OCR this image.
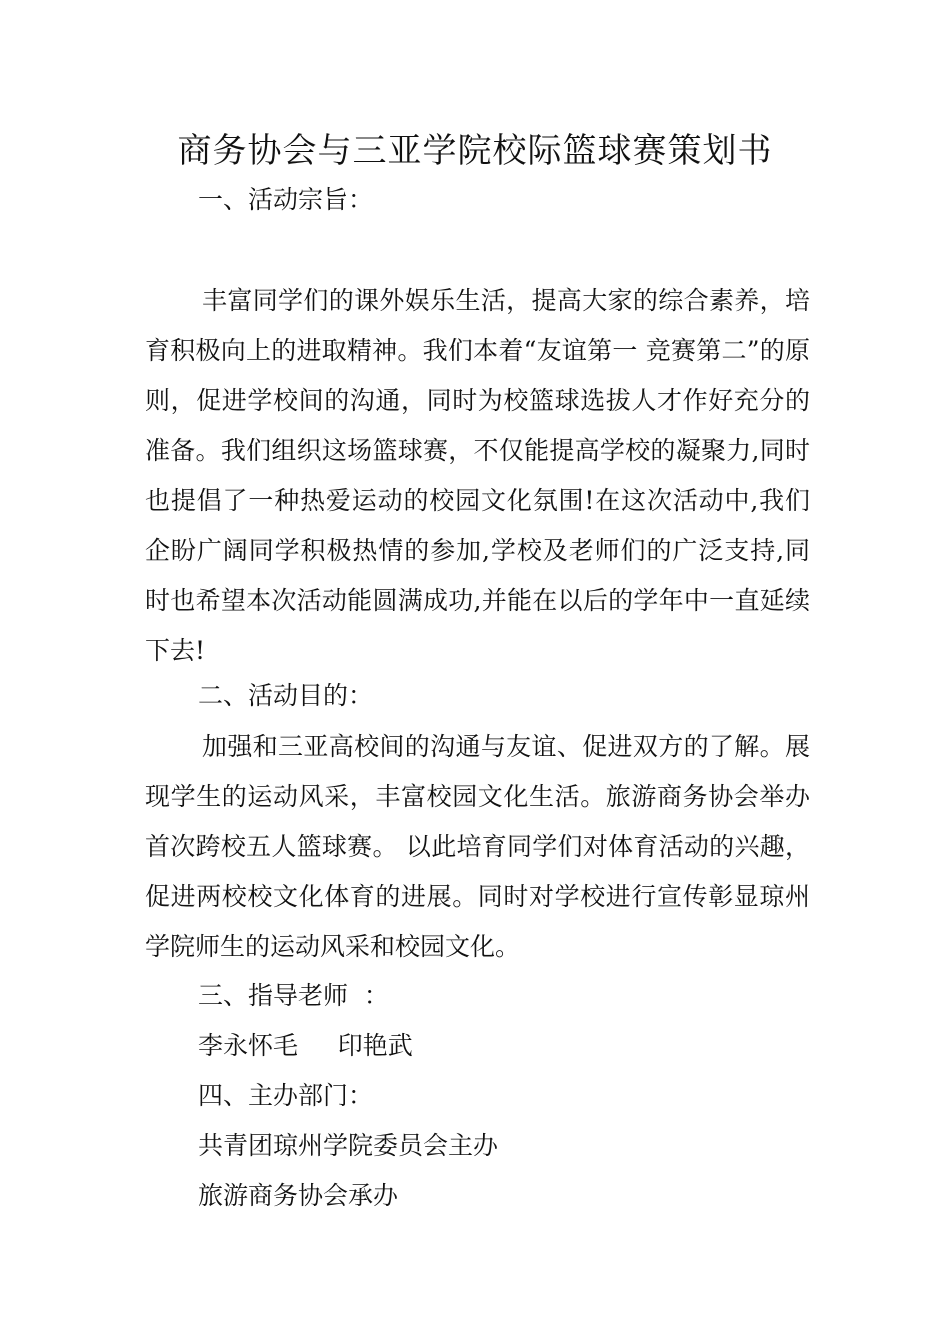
商务协会与三亚学院校际篮球赛策划书

一、活动宗旨：

丰富同学们的课外娱乐生活，提高大家的综合素养，培育积极向上的进取精神。我们本着“友谊第一 竞赛第二”的原则，促进学校间的沟通，同时为校篮球选拔人才作好充分的准备。我们组织这场篮球赛，不仅能提高学校的凝聚力,同时也提倡了一种热爱运动的校园文化氛围!在这次活动中,我们企盼广阔同学积极热情的参加,学校及老师们的广泛支持,同时也希望本次活动能圆满成功,并能在以后的学年中一直延续下去!

二、活动目的：

加强和三亚高校间的沟通与友谊、促进双方的了解。展现学生的运动风采，丰富校园文化生活。旅游商务协会举办首次跨校五人篮球赛。 以此培育同学们对体育活动的兴趣，促进两校校文化体育的进展。同时对学校进行宣传彰显琼州学院师生的运动风采和校园文化。

三、指导老师  ：

李永怀毛     印艳武

四、主办部门：

共青团琼州学院委员会主办

旅游商务协会承办
